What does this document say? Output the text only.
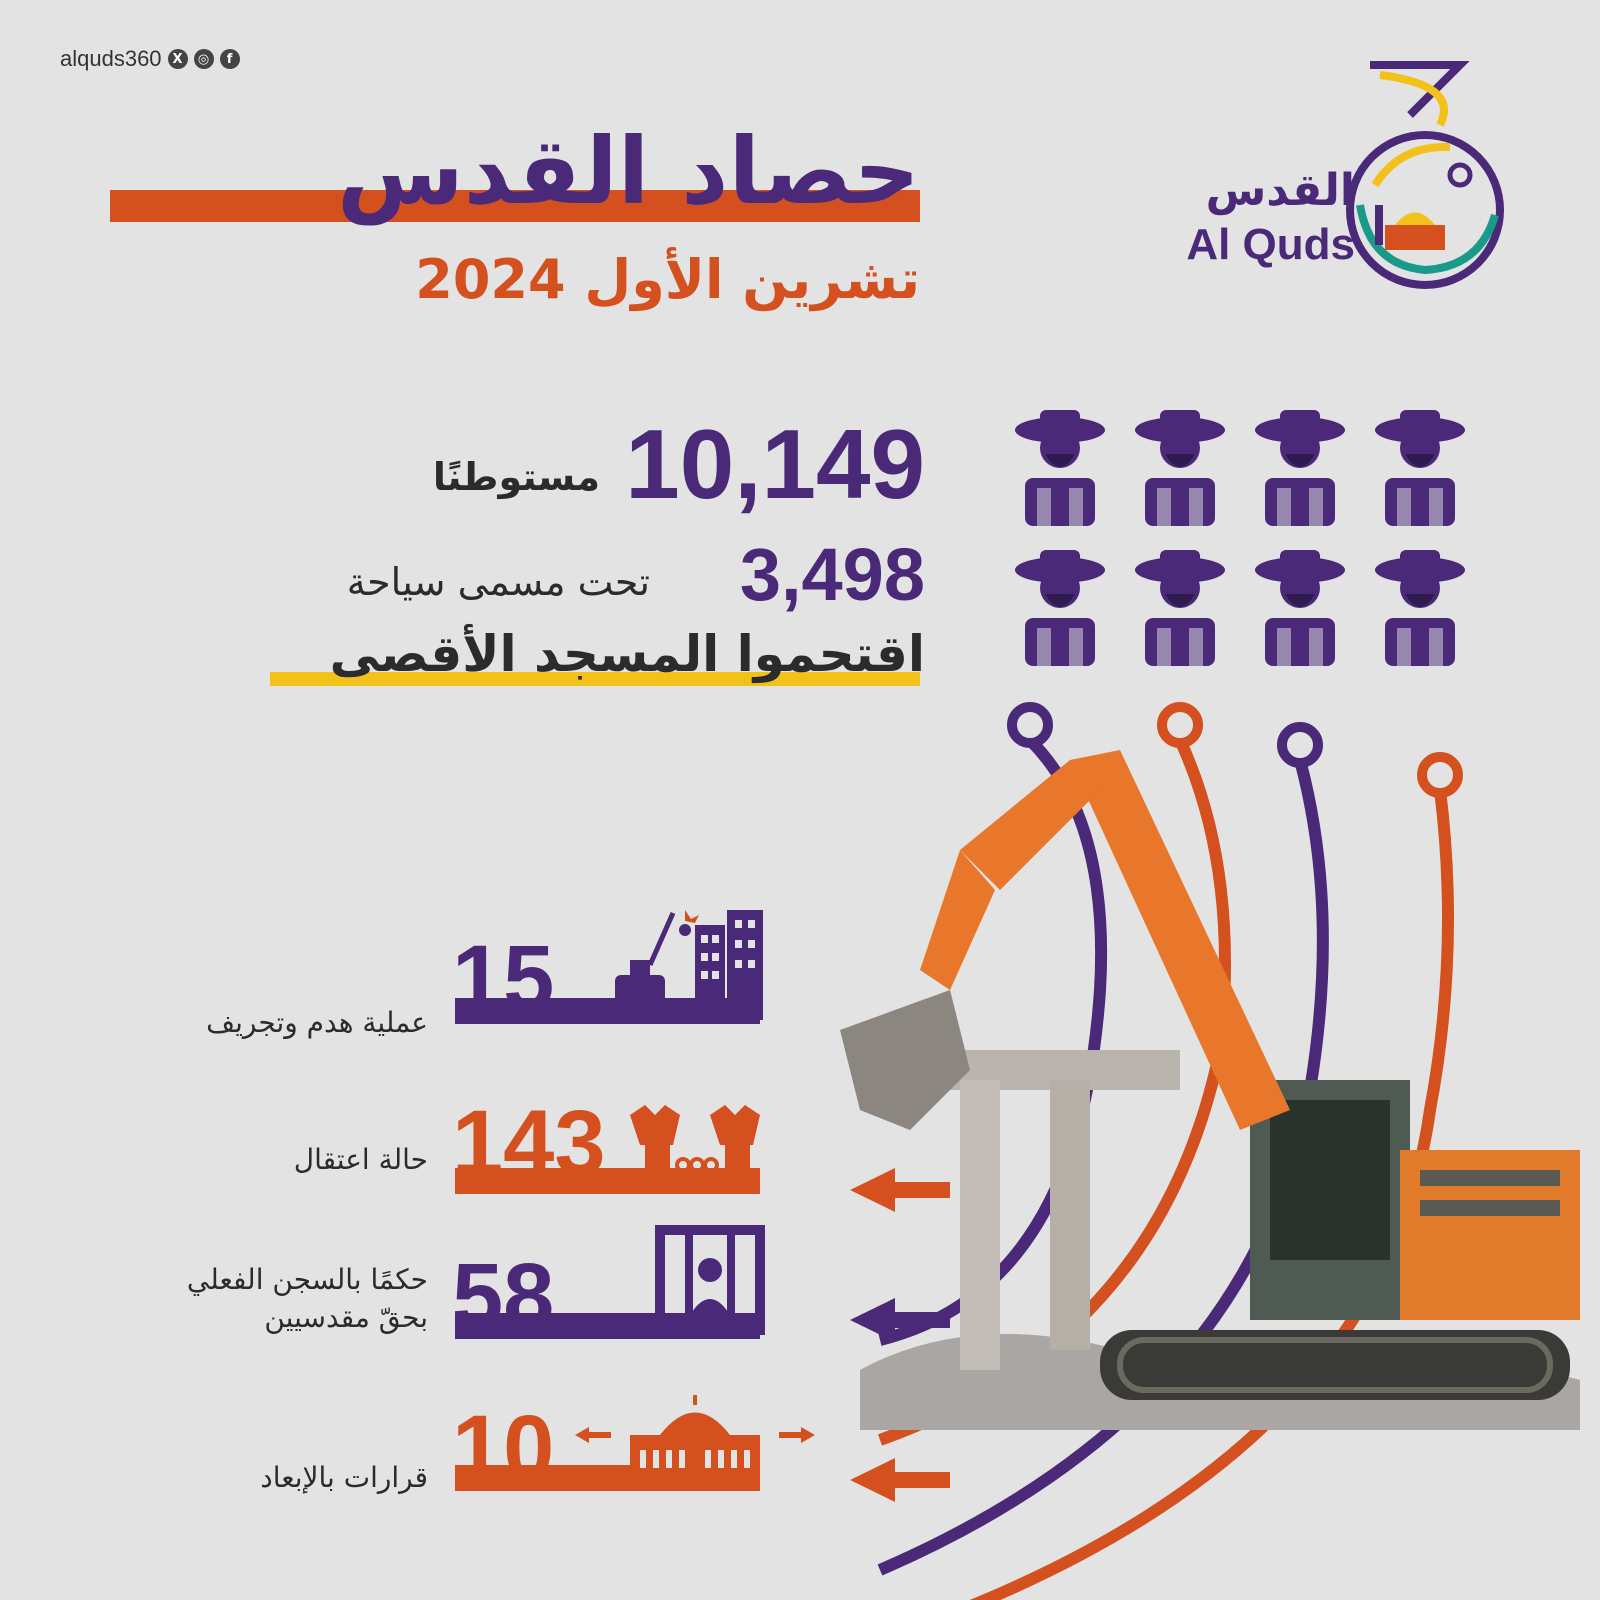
alquds360 X	◎	f
القدس
Al Quds
حصاد القدس
تشرين الأول 2024
10,149
مستوطنًا
3,498
تحت مسمى سياحة
اقتحموا المسجد الأقصى
15
عملية هدم وتجريف
143
حالة اعتقال
58
حكمًا بالسجن الفعلي
بحقّ مقدسيين
10
قرارات بالإبعاد
